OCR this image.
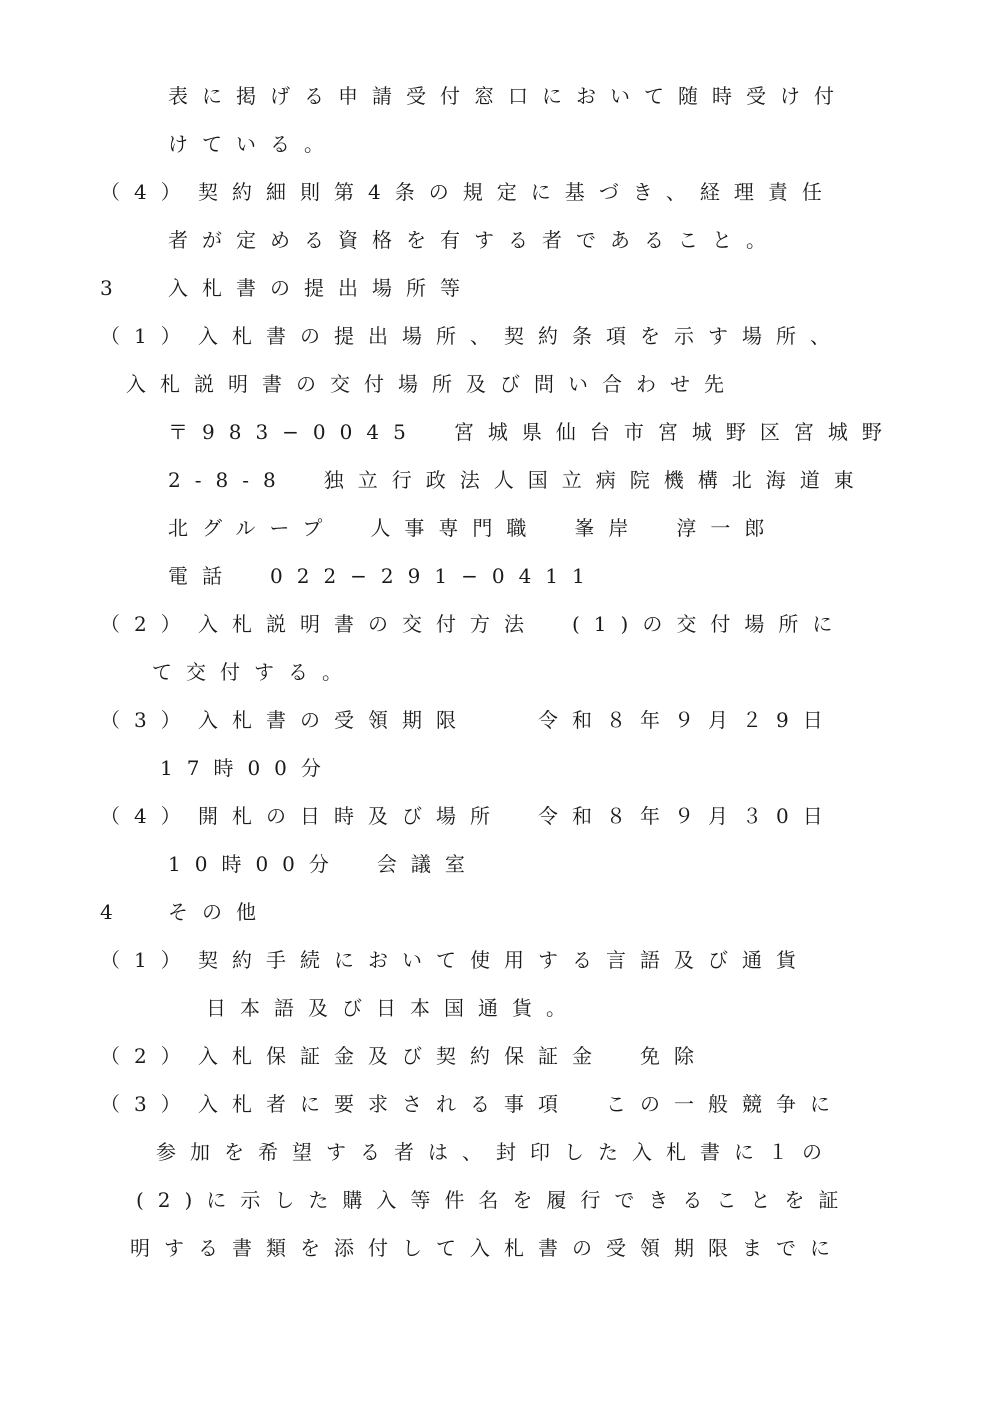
表に掲げる申請受付窓口において随時受け付
けている。
（4） 契約細則第4条の規定に基づき、経理責任
者が定める資格を有する者であること。
3 入札書の提出場所等
（1） 入札書の提出場所、契約条項を示す場所、
入札説明書の交付場所及び問い合わせ先
〒983−0045　宮城県仙台市宮城野区宮城野
2‐8‐8　独立行政法人国立病院機構北海道東
北グループ　人事専門職　峯岸　淳一郎
電話　022−291−0411
（2） 入札説明書の交付方法　(1)の交付場所に
て交付する。
（3） 入札書の受領期限　　令和８年９月２9日
17時00分
（4） 開札の日時及び場所　令和８年９月３0日
10時00分　会議室
4 その他
（1） 契約手続において使用する言語及び通貨
日本語及び日本国通貨。
（2） 入札保証金及び契約保証金　免除
（3） 入札者に要求される事項　この一般競争に
参加を希望する者は、封印した入札書に１の
(2)に示した購入等件名を履行できることを証
明する書類を添付して入札書の受領期限までに
